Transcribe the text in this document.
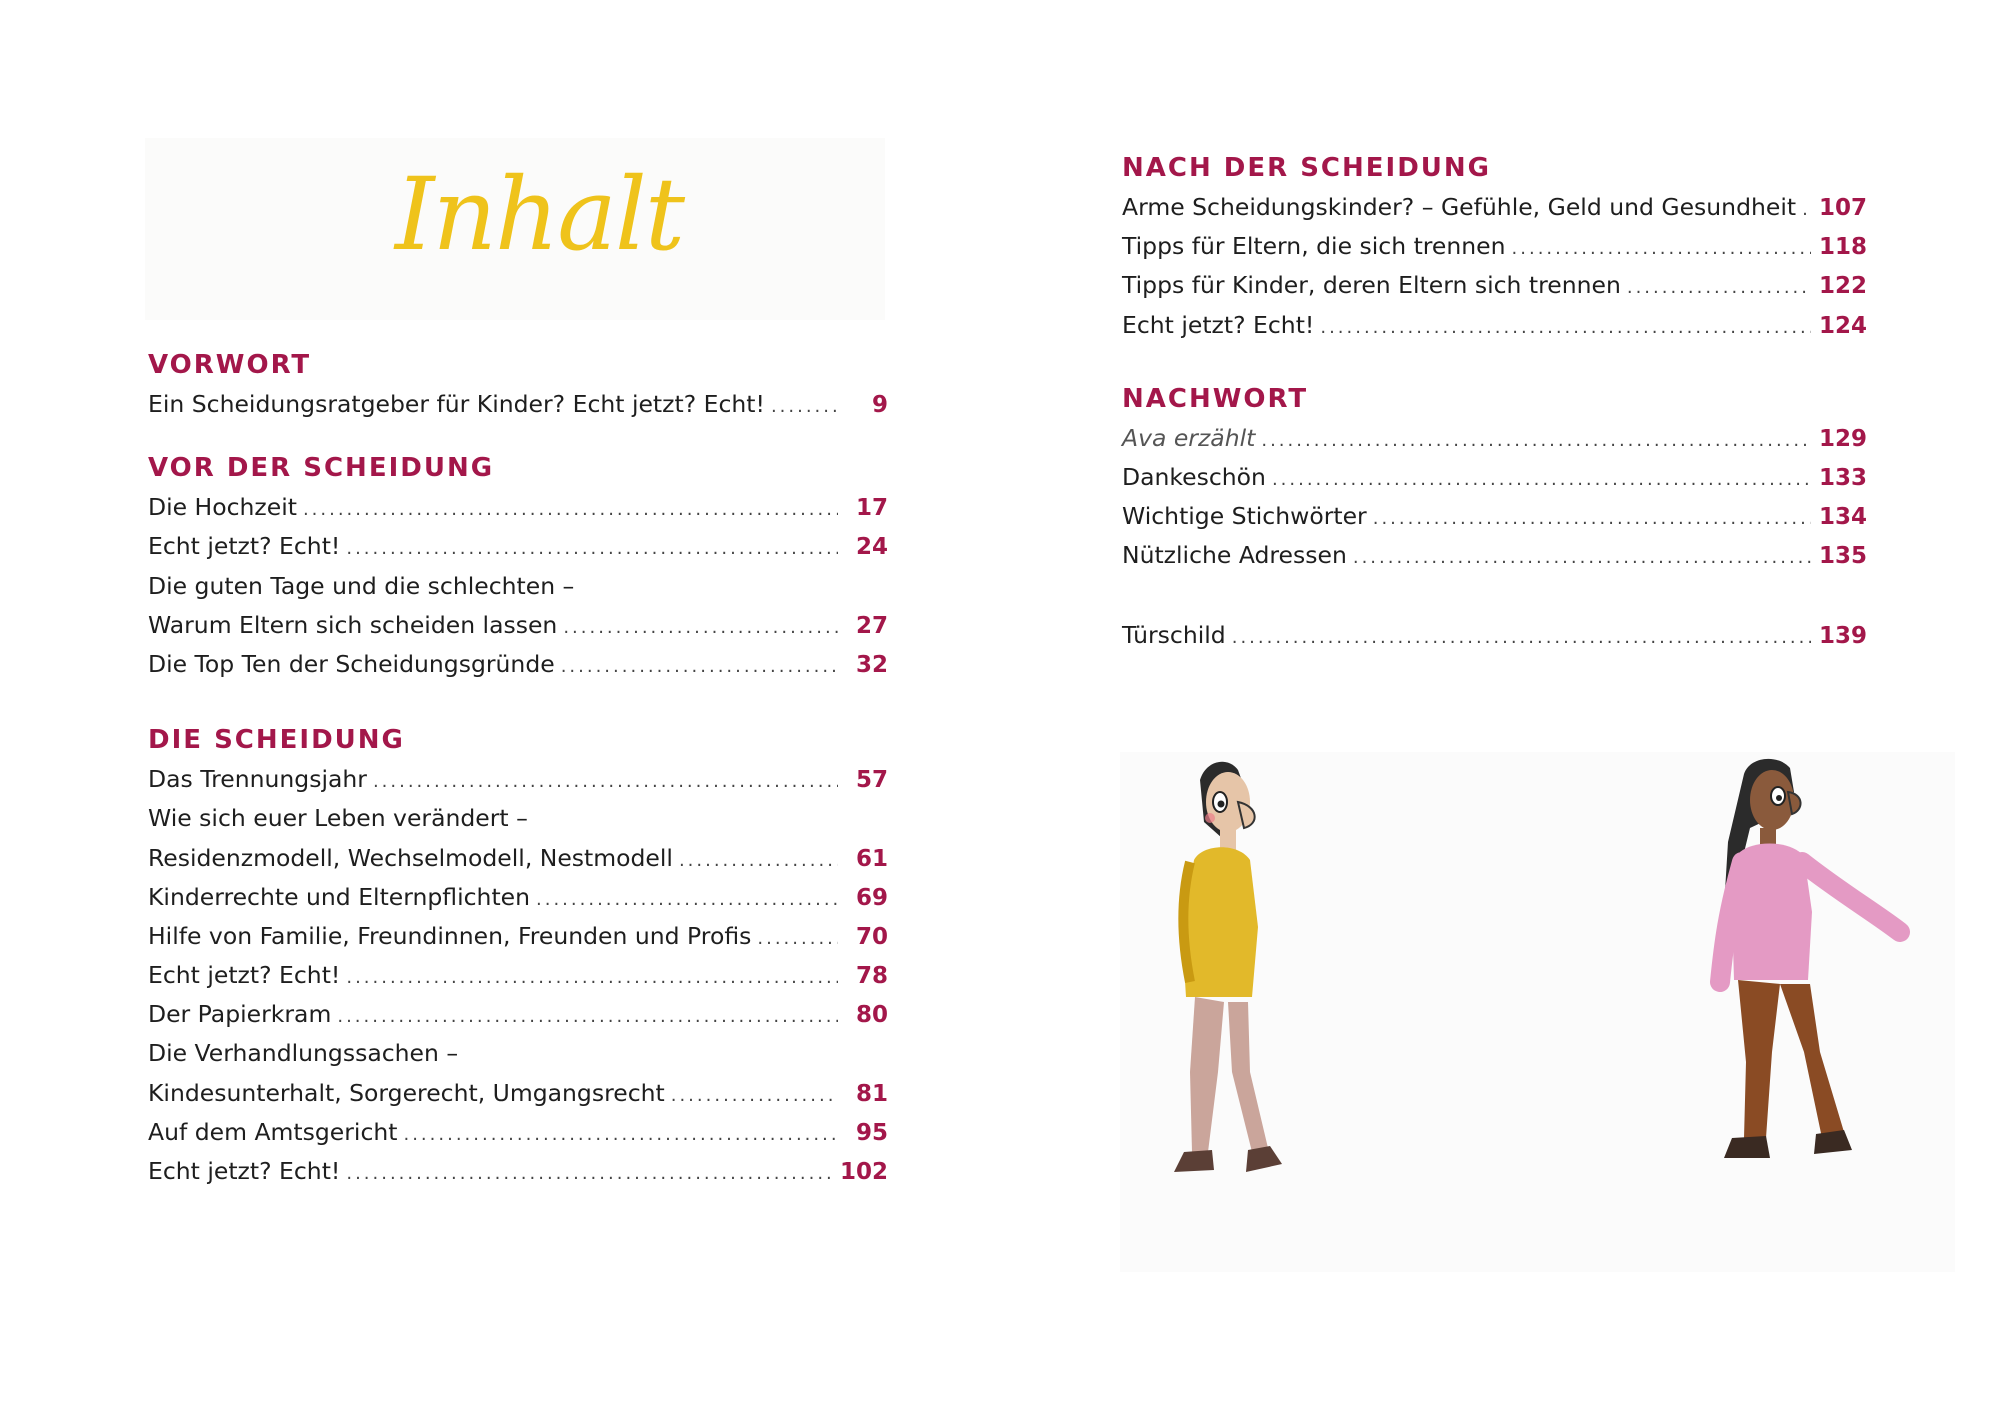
Inhalt
VORWORT
Ein Scheidungsratgeber für Kinder? Echt jetzt? Echt! .....	9
VOR DER SCHEIDUNG
Die Hochzeit .....	17
Echt jetzt? Echt! .....	24
Die guten Tage und die schlechten –
Warum Eltern sich scheiden lassen .....	27
Die Top Ten der Scheidungsgründe .....	32
DIE SCHEIDUNG
Das Trennungsjahr .....	57
Wie sich euer Leben verändert –
Residenzmodell, Wechselmodell, Nestmodell .....	61
Kinderrechte und Elternpflichten .....	69
Hilfe von Familie, Freundinnen, Freunden und Profis .....	70
Echt jetzt? Echt! .....	78
Der Papierkram .....	80
Die Verhandlungssachen –
Kindesunterhalt, Sorgerecht, Umgangsrecht .....	81
Auf dem Amtsgericht .....	95
Echt jetzt? Echt! .....	102
NACH DER SCHEIDUNG
Arme Scheidungskinder? – Gefühle, Geld und Gesundheit ..... 107
Tipps für Eltern, die sich trennen .....	118
Tipps für Kinder, deren Eltern sich trennen .....	122
Echt jetzt? Echt! .....	124
NACHWORT
Ava erzählt .....	129
Dankeschön .....	133
Wichtige Stichwörter .....	134
Nützliche Adressen .....	135
Türschild .....	139
